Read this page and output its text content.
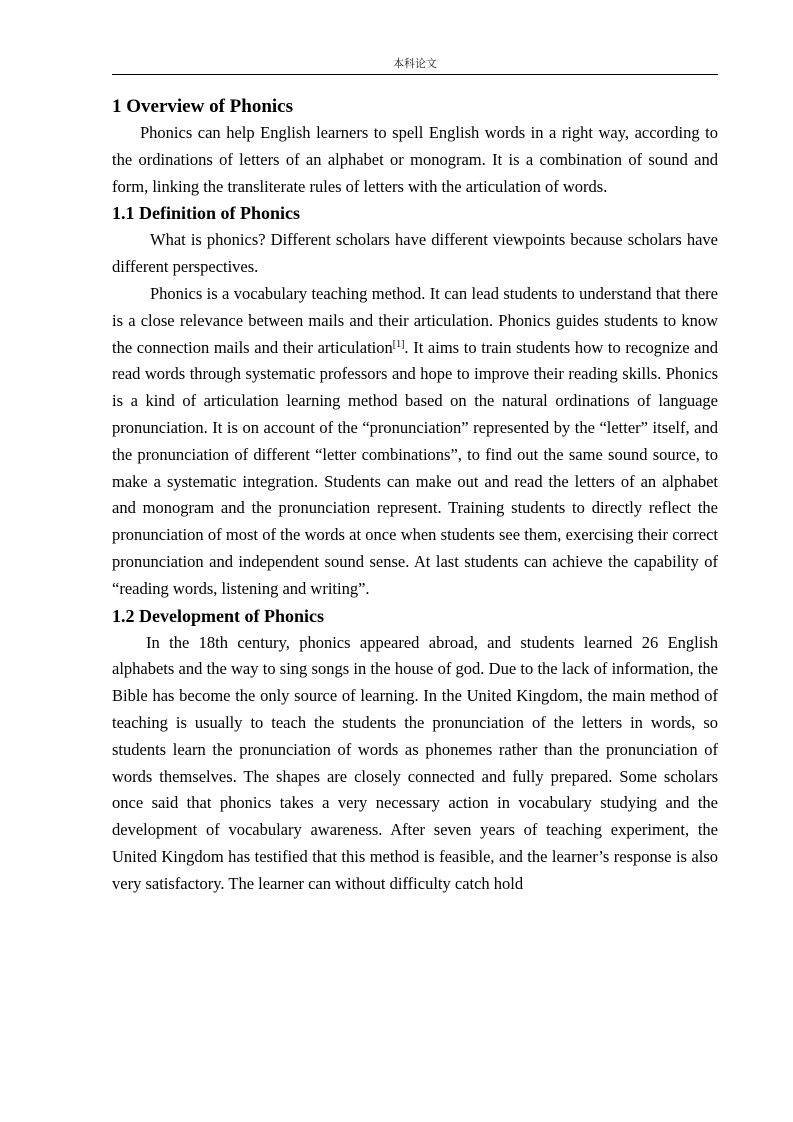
本科论文
1 Overview of Phonics

Phonics can help English learners to spell English words in a right way, according to the ordinations of letters of an alphabet or monogram. It is a combination of sound and form, linking the transliterate rules of letters with the articulation of words.

1.1 Definition of Phonics

What is phonics? Different scholars have different viewpoints because scholars have different perspectives.

Phonics is a vocabulary teaching method. It can lead students to understand that there is a close relevance between mails and their articulation. Phonics guides students to know the connection mails and their articulation[1]. It aims to train students how to recognize and read words through systematic professors and hope to improve their reading skills. Phonics is a kind of articulation learning method based on the natural ordinations of language pronunciation. It is on account of the “pronunciation” represented by the “letter” itself, and the pronunciation of different “letter combinations”, to find out the same sound source, to make a systematic integration. Students can make out and read the letters of an alphabet and monogram and the pronunciation represent. Training students to directly reflect the pronunciation of most of the words at once when students see them, exercising their correct pronunciation and independent sound sense. At last students can achieve the capability of “reading words, listening and writing”.

1.2 Development of Phonics

In the 18th century, phonics appeared abroad, and students learned 26 English alphabets and the way to sing songs in the house of god. Due to the lack of information, the Bible has become the only source of learning. In the United Kingdom, the main method of teaching is usually to teach the students the pronunciation of the letters in words, so students learn the pronunciation of words as phonemes rather than the pronunciation of words themselves. The shapes are closely connected and fully prepared. Some scholars once said that phonics takes a very necessary action in vocabulary studying and the development of vocabulary awareness. After seven years of teaching experiment, the United Kingdom has testified that this method is feasible, and the learner’s response is also very satisfactory. The learner can without difficulty catch hold
